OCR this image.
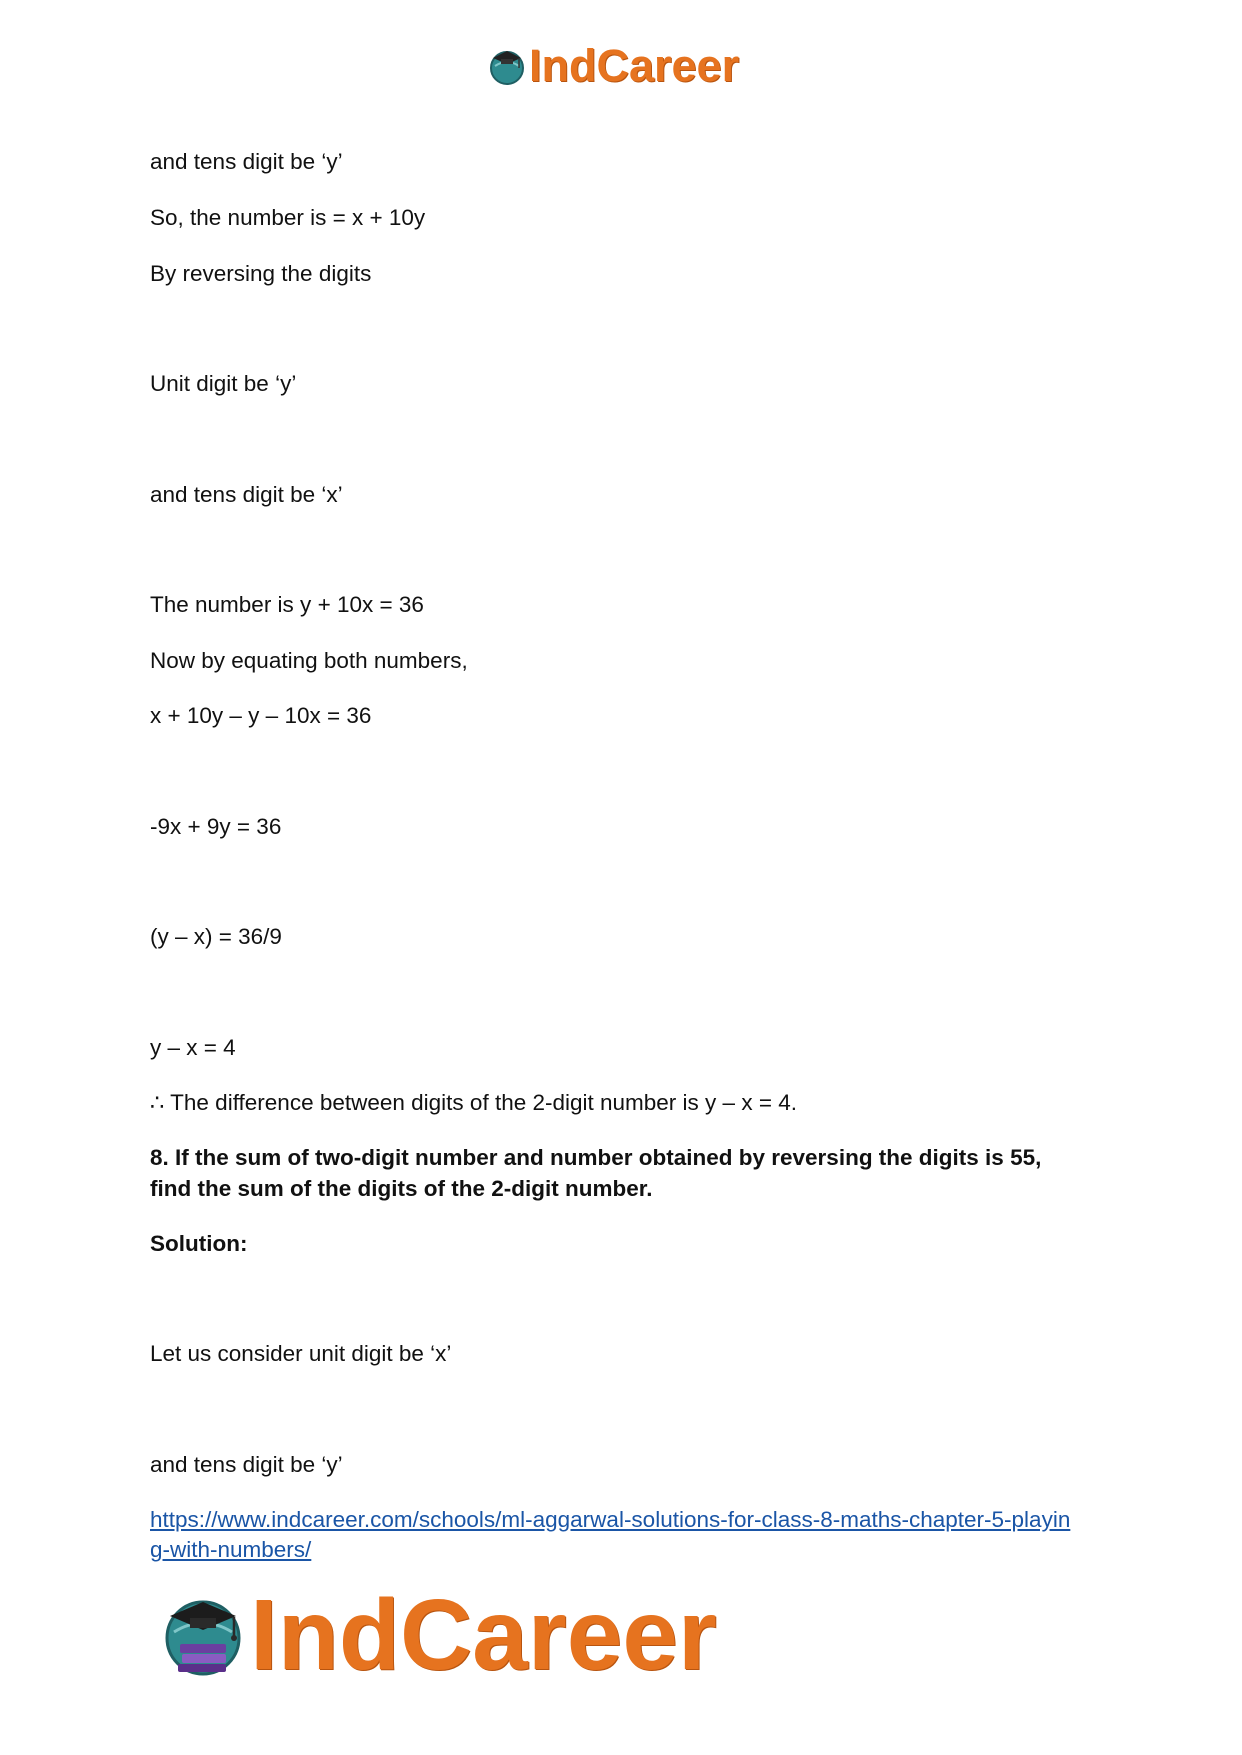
IndCareer
and tens digit be ‘y’
So, the number is = x + 10y
By reversing the digits
Unit digit be ‘y’
and tens digit be ‘x’
The number is y + 10x = 36
Now by equating both numbers,
x + 10y – y – 10x = 36
-9x + 9y = 36
(y – x) = 36/9
y – x = 4
∴ The difference between digits of the 2-digit number is y – x = 4.
8. If the sum of two-digit number and number obtained by reversing the digits is 55,
find the sum of the digits of the 2-digit number.
Solution:
Let us consider unit digit be ‘x’
and tens digit be ‘y’
https://www.indcareer.com/schools/ml-aggarwal-solutions-for-class-8-maths-chapter-5-playin
g-with-numbers/
IndCareer
